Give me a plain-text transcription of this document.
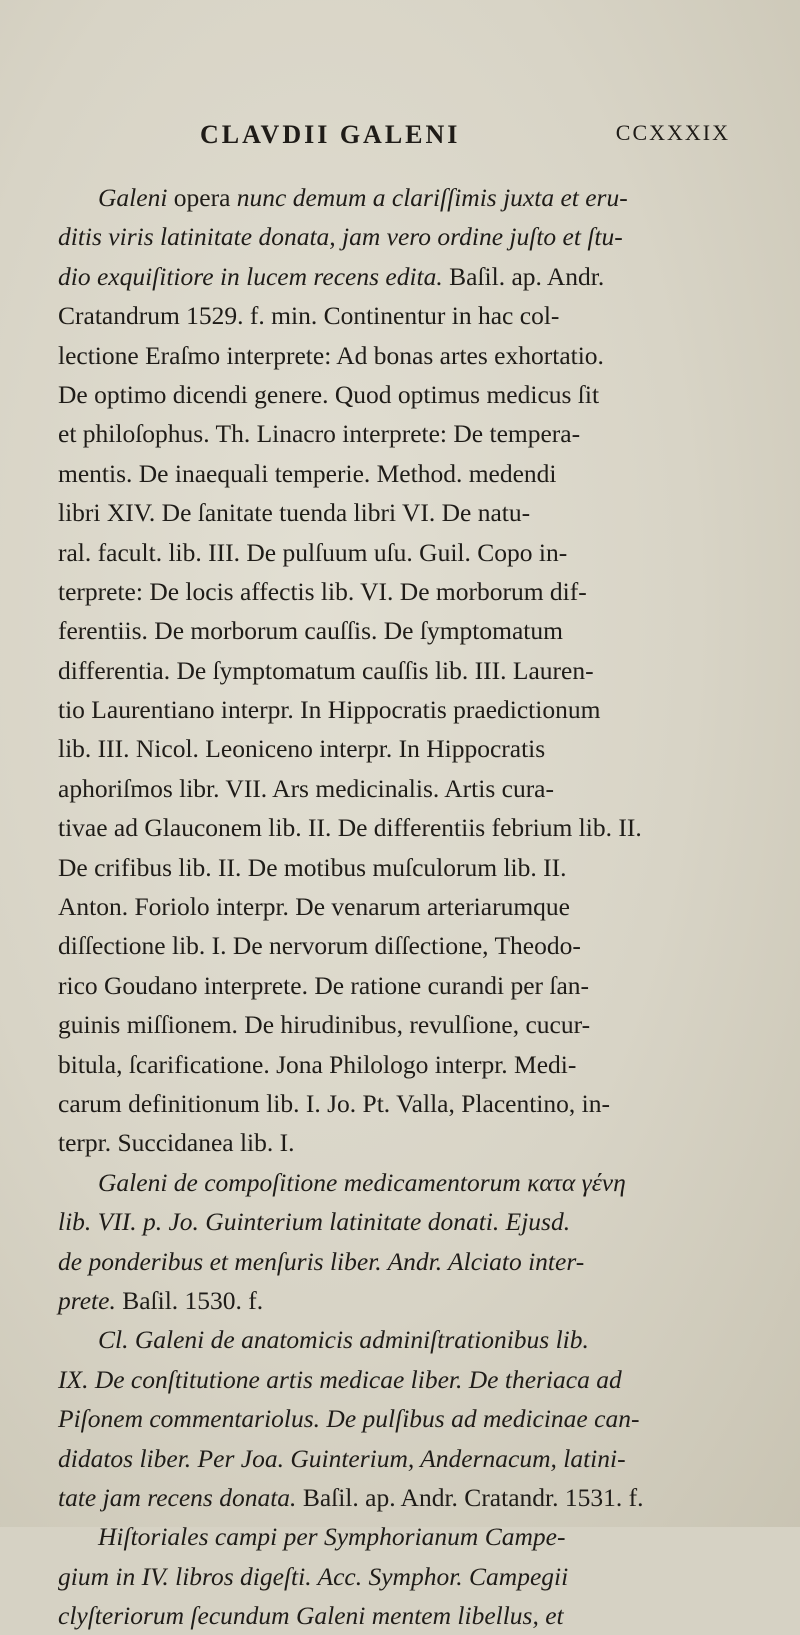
CLAVDII GALENI	CCXXXIX
Galeni opera nunc demum a clariſſimis juxta et eru-
ditis viris latinitate donata, jam vero ordine juſto et ſtu-
dio exquiſitiore in lucem recens edita. Baſil. ap. Andr.
Cratandrum 1529. f. min. Continentur in hac col-
lectione Eraſmo interprete: Ad bonas artes exhortatio.
De optimo dicendi genere. Quod optimus medicus ſit
et philoſophus. Th. Linacro interprete: De tempera-
mentis. De inaequali temperie. Method. medendi
libri XIV. De ſanitate tuenda libri VI. De natu-
ral. facult. lib. III. De pulſuum uſu. Guil. Copo in-
terprete: De locis affectis lib. VI. De morborum dif-
ferentiis. De morborum cauſſis. De ſymptomatum
differentia. De ſymptomatum cauſſis lib. III. Lauren-
tio Laurentiano interpr. In Hippocratis praedictionum
lib. III. Nicol. Leoniceno interpr. In Hippocratis
aphoriſmos libr. VII. Ars medicinalis. Artis cura-
tivae ad Glauconem lib. II. De differentiis febrium lib. II.
De crifibus lib. II. De motibus muſculorum lib. II.
Anton. Foriolo interpr. De venarum arteriarumque
diſſectione lib. I. De nervorum diſſectione, Theodo-
rico Goudano interprete. De ratione curandi per ſan-
guinis miſſionem. De hirudinibus, revulſione, cucur-
bitula, ſcarificatione. Jona Philologo interpr. Medi-
carum definitionum lib. I. Jo. Pt. Valla, Placentino, in-
terpr. Succidanea lib. I.
Galeni de compoſitione medicamentorum κατα γένη
lib. VII. p. Jo. Guinterium latinitate donati. Ejusd.
de ponderibus et menſuris liber. Andr. Alciato inter-
prete. Baſil. 1530. f.
Cl. Galeni de anatomicis adminiſtrationibus lib.
IX. De conſtitutione artis medicae liber. De theriaca ad
Piſonem commentariolus. De pulſibus ad medicinae can-
didatos liber. Per Joa. Guinterium, Andernacum, latini-
tate jam recens donata. Baſil. ap. Andr. Cratandr. 1531. f.
Hiſtoriales campi per Symphorianum Campe-
gium in IV. libros digeſti. Acc. Symphor. Campegii
clyſteriorum ſecundum Galeni mentem libellus, et
